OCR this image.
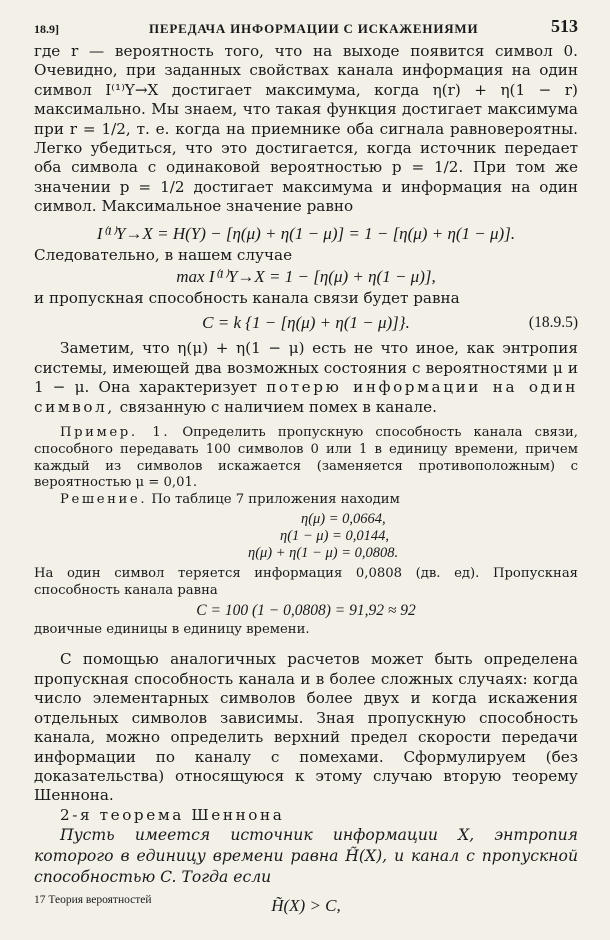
18.9]	ПЕРЕДАЧА ИНФОРМАЦИИ С ИСКАЖЕНИЯМИ	513

где r — вероятность того, что на выходе появится символ 0. Очевидно, при заданных свойствах канала информация на один символ I⁽¹⁾Y→X достигает максимума, когда η(r) + η(1 − r) максимально. Мы знаем, что такая функция достигает максимума при r = 1/2, т. е. когда на приемнике оба сигнала равновероятны. Легко убедиться, что это достигается, когда источник передает оба символа с одинаковой вероятностью p = 1/2. При том же значении p = 1/2 достигает максимума и информация на один символ. Максимальное значение равно

I⁽¹⁾Y→X = H(Y) − [η(μ) + η(1 − μ)] = 1 − [η(μ) + η(1 − μ)].

Следовательно, в нашем случае

max I⁽¹⁾Y→X = 1 − [η(μ) + η(1 − μ)],

и пропускная способность канала связи будет равна

C = k {1 − [η(μ) + η(1 − μ)]}.	(18.9.5)

Заметим, что η(μ) + η(1 − μ) есть не что иное, как энтропия системы, имеющей два возможных состояния с вероятностями μ и 1 − μ. Она характеризует потерю информации на один символ, связанную с наличием помех в канале.

Пример. 1. Определить пропускную способность канала связи, способного передавать 100 символов 0 или 1 в единицу времени, причем каждый из символов искажается (заменяется противоположным) с вероятностью μ = 0,01.

Решение. По таблице 7 приложения находим

η(μ) = 0,0664,

η(1 − μ) = 0,0144,

η(μ) + η(1 − μ) = 0,0808.

На один символ теряется информация 0,0808 (дв. ед). Пропускная способность канала равна

C = 100 (1 − 0,0808) = 91,92 ≈ 92

двоичные единицы в единицу времени.

С помощью аналогичных расчетов может быть определена пропускная способность канала и в более сложных случаях: когда число элементарных символов более двух и когда искажения отдельных символов зависимы. Зная пропускную способность канала, можно определить верхний предел скорости передачи информации по каналу с помехами. Сформулируем (без доказательства) относящуюся к этому случаю вторую теорему Шеннона.

2-я теорема Шеннона

Пусть имеется источник информации X, энтропия которого в единицу времени равна H̃(X), и канал с пропускной способностью C. Тогда если

H̃(X) > C,

17 Теория вероятностей
